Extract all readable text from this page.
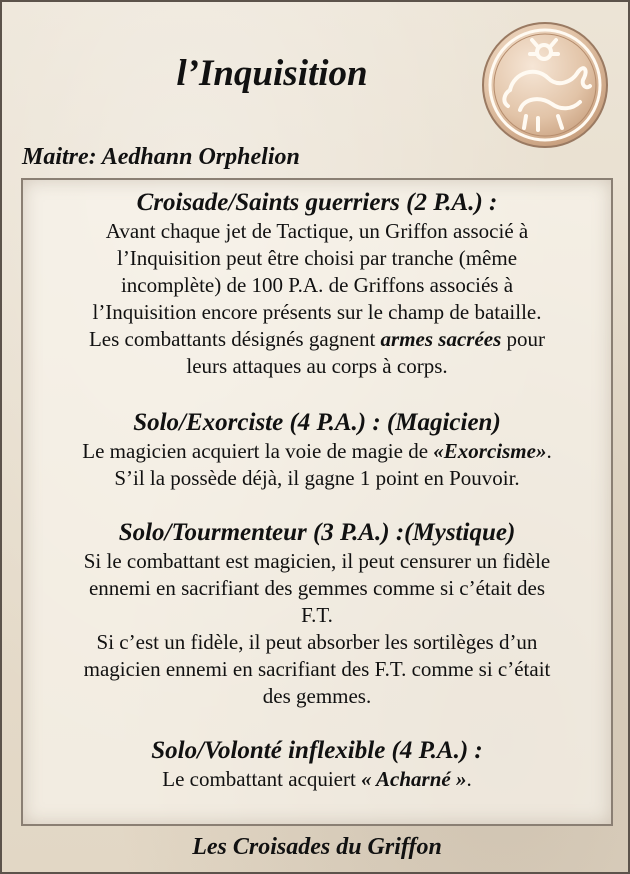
l’Inquisition
Maitre: Aedhann Orphelion
Croisade/Saints guerriers (2 P.A.) :
Avant chaque jet de Tactique, un Griffon associé à
l’Inquisition peut être choisi par tranche (même
incomplète) de 100 P.A. de Griffons associés à
l’Inquisition encore présents sur le champ de bataille.
Les combattants désignés gagnent armes sacrées pour
leurs attaques au corps à corps.
Solo/Exorciste (4 P.A.) : (Magicien)
Le magicien acquiert la voie de magie de «Exorcisme».
S’il la possède déjà, il gagne 1 point en Pouvoir.
Solo/Tourmenteur (3 P.A.) :(Mystique)
Si le combattant est magicien, il peut censurer un fidèle
ennemi en sacrifiant des gemmes comme si c’était des
F.T.
Si c’est un fidèle, il peut absorber les sortilèges d’un
magicien ennemi en sacrifiant des F.T. comme si c’était
des gemmes.
Solo/Volonté inflexible (4 P.A.) :
Le combattant acquiert « Acharné ».
Les Croisades du Griffon
